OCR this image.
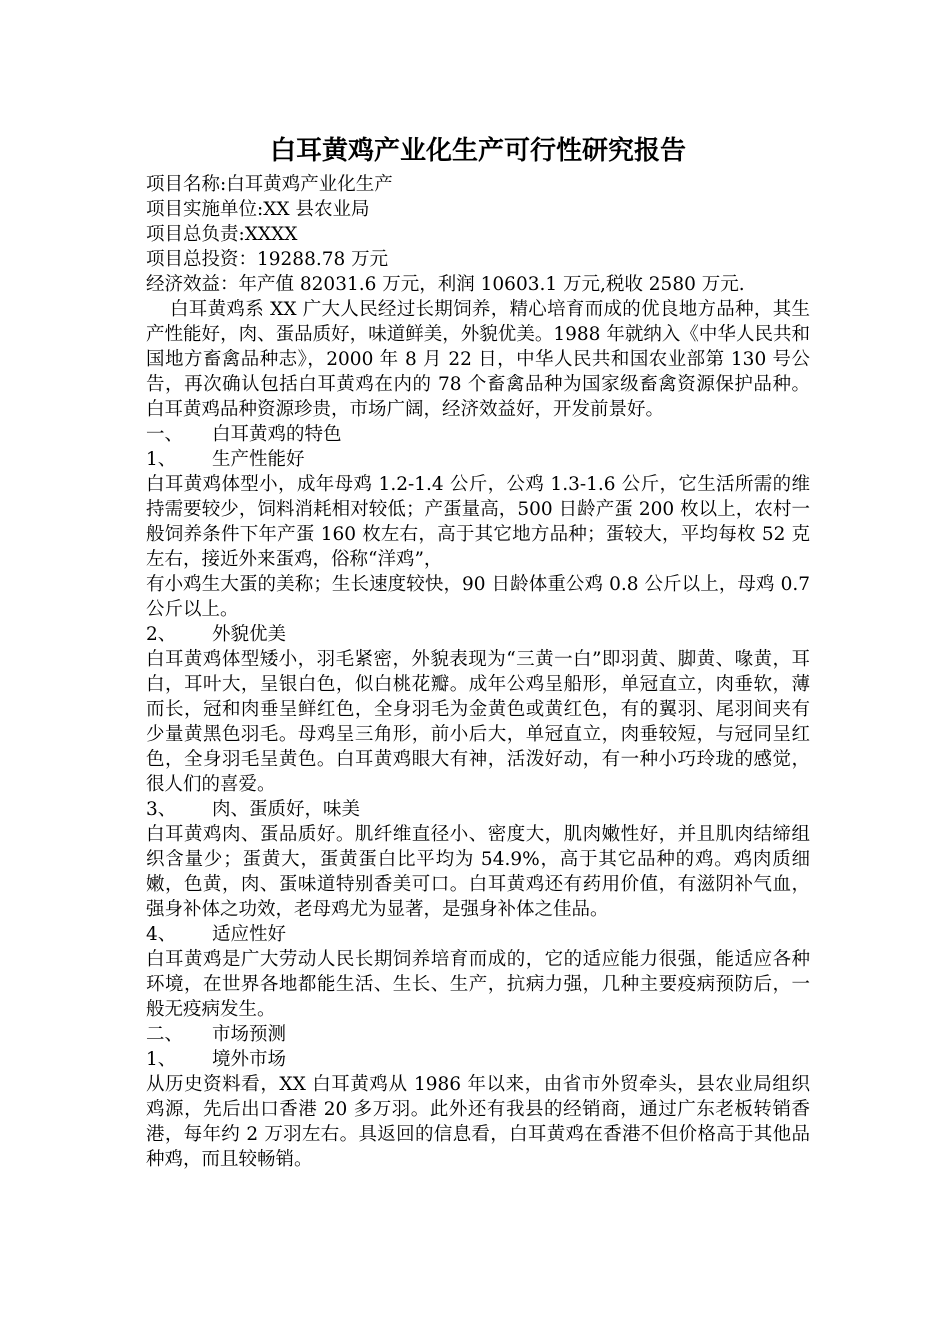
白耳黄鸡产业化生产可行性研究报告
项目名称:白耳黄鸡产业化生产
项目实施单位:XX 县农业局
项目总负责:XXXX
项目总投资：19288.78 万元
经济效益：年产值 82031.6 万元，利润 10603.1 万元,税收 2580 万元.

白耳黄鸡系 XX 广大人民经过长期饲养，精心培育而成的优良地方品种，其生产性能好，肉、蛋品质好，味道鲜美，外貌优美。1988 年就纳入《中华人民共和国地方畜禽品种志》，2000 年 8 月 22 日，中华人民共和国农业部第 130 号公告，再次确认包括白耳黄鸡在内的 78 个畜禽品种为国家级畜禽资源保护品种。白耳黄鸡品种资源珍贵，市场广阔，经济效益好，开发前景好。

一、 白耳黄鸡的特色
1、 生产性能好

白耳黄鸡体型小，成年母鸡 1.2-1.4 公斤，公鸡 1.3-1.6 公斤，它生活所需的维持需要较少，饲料消耗相对较低；产蛋量高，500 日龄产蛋 200 枚以上，农村一般饲养条件下年产蛋 160 枚左右，高于其它地方品种；蛋较大，平均每枚 52 克左右，接近外来蛋鸡，俗称“洋鸡”，

有小鸡生大蛋的美称；生长速度较快，90 日龄体重公鸡 0.8 公斤以上，母鸡 0.7 公斤以上。

2、 外貌优美

白耳黄鸡体型矮小，羽毛紧密，外貌表现为“三黄一白”即羽黄、脚黄、喙黄，耳白，耳叶大，呈银白色，似白桃花瓣。成年公鸡呈船形，单冠直立，肉垂软，薄而长，冠和肉垂呈鲜红色，全身羽毛为金黄色或黄红色，有的翼羽、尾羽间夹有少量黄黑色羽毛。母鸡呈三角形，前小后大，单冠直立，肉垂较短，与冠同呈红色，全身羽毛呈黄色。白耳黄鸡眼大有神，活泼好动，有一种小巧玲珑的感觉，很人们的喜爱。

3、 肉、蛋质好，味美

白耳黄鸡肉、蛋品质好。肌纤维直径小、密度大，肌肉嫩性好，并且肌肉结缔组织含量少；蛋黄大，蛋黄蛋白比平均为 54.9%，高于其它品种的鸡。鸡肉质细嫩，色黄，肉、蛋味道特别香美可口。白耳黄鸡还有药用价值，有滋阴补气血，强身补体之功效，老母鸡尤为显著，是强身补体之佳品。

4、 适应性好

白耳黄鸡是广大劳动人民长期饲养培育而成的，它的适应能力很强，能适应各种环境，在世界各地都能生活、生长、生产，抗病力强，几种主要疫病预防后，一般无疫病发生。

二、 市场预测
1、 境外市场

从历史资料看，XX 白耳黄鸡从 1986 年以来，由省市外贸牵头，县农业局组织鸡源，先后出口香港 20 多万羽。此外还有我县的经销商，通过广东老板转销香港，每年约 2 万羽左右。具返回的信息看，白耳黄鸡在香港不但价格高于其他品种鸡，而且较畅销。
